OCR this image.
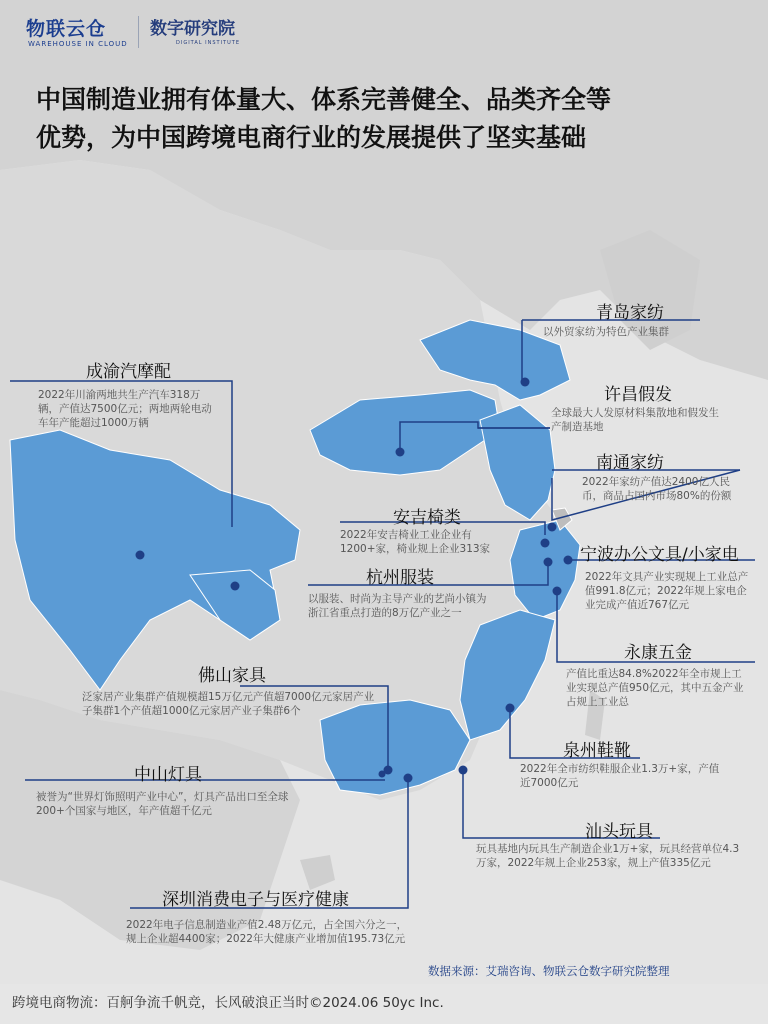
物联云仓
WAREHOUSE IN CLOUD
数字研究院
DIGITAL INSTITUTE
中国制造业拥有体量大、体系完善健全、品类齐全等
优势，为中国跨境电商行业的发展提供了坚实基础
青岛家纺
以外贸家纺为特色产业集群
成渝汽摩配
2022年川渝两地共生产汽车318万辆，产值达7500亿元；两地两轮电动车年产能超过1000万辆
许昌假发
全球最大人发原材料集散地和假发生产制造基地
南通家纺
2022年家纺产值达2400亿人民币，商品占国内市场80%的份额
安吉椅类
2022年安吉椅业工业企业有1200+家，椅业规上企业313家	宁波办公文具/小家电
2022年文具产业实现规上工业总产值991.8亿元；2022年规上家电企业完成产值近767亿元
杭州服装
以服装、时尚为主导产业的艺尚小镇为浙江省重点打造的8万亿产业之一
永康五金
产值比重达84.8%2022年全市规上工业实现总产值950亿元，其中五金产业占规上工业总
佛山家具
泛家居产业集群产值规模超15万亿元产值超7000亿元家居产业子集群1个产值超1000亿元家居产业子集群6个
中山灯具
被誉为“世界灯饰照明产业中心”，灯具产品出口至全球200+个国家与地区，年产值超千亿元
泉州鞋靴
2022年全市纺织鞋服企业1.3万+家，产值近7000亿元
汕头玩具
玩具基地内玩具生产制造企业1万+家，玩具经营单位4.3万家，2022年规上企业253家，规上产值335亿元
深圳消费电子与医疗健康
2022年电子信息制造业产值2.48万亿元，占全国六分之一，规上企业超4400家；2022年大健康产业增加值195.73亿元
数据来源：艾瑞咨询、物联云仓数字研究院整理
跨境电商物流：百舸争流千帆竞，长风破浪正当时©2024.06 50yc Inc.
